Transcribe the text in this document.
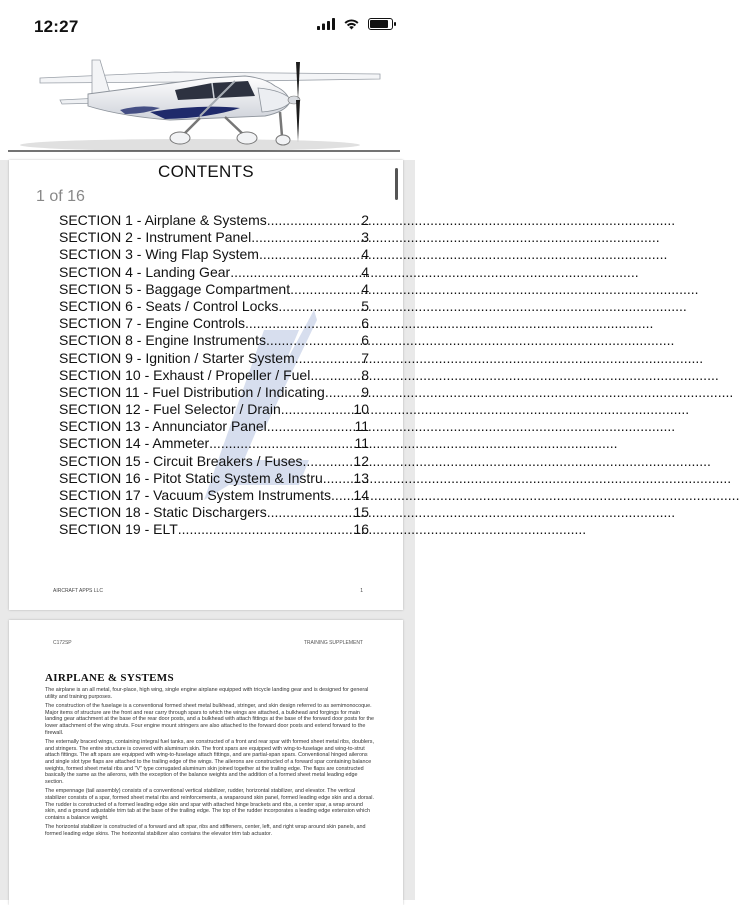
12:27
CONTENTS
1 of 16
SECTION 1 - Airplane & Systems .....	2
SECTION 2 - Instrument Panel .....	3
SECTION 3 - Wing Flap System .....	4
SECTION 4 - Landing Gear .....	4
SECTION 5 - Baggage Compartment .....	4
SECTION 6 - Seats / Control Locks .....	5
SECTION 7 - Engine Controls .....	6
SECTION 8 - Engine Instruments .....	6
SECTION 9 - Ignition / Starter System .....	7
SECTION 10 - Exhaust / Propeller / Fuel .....	8
SECTION 11 - Fuel Distribution / Indicating .....	9
SECTION 12 - Fuel Selector / Drain .....	10
SECTION 13 - Annunciator Panel .....	11
SECTION 14 - Ammeter .....	11
SECTION 15 - Circuit Breakers / Fuses .....	12
SECTION 16 - Pitot Static System & Instru ..... 13
SECTION 17 - Vacuum System Instruments ..... 14
SECTION 18 - Static Dischargers .....	15
SECTION 19 - ELT .....	16
AIRCRAFT APPS LLC	1
C172SP	TRAINING SUPPLEMENT
AIRPLANE & SYSTEMS

The airplane is an all metal, four-place, high wing, single engine airplane equipped with tricycle landing gear and is designed for general utility and training purposes.

The construction of the fuselage is a conventional formed sheet metal bulkhead, stringer, and skin design referred to as semimonocoque. Major items of structure are the front and rear carry through spars to which the wings are attached, a bulkhead and forgings for main landing gear attachment at the base of the rear door posts, and a bulkhead with attach fittings at the base of the forward door posts for the lower attachment of the wing struts. Four engine mount stringers are also attached to the forward door posts and extend forward to the firewall.

The externally braced wings, containing integral fuel tanks, are constructed of a front and rear spar with formed sheet metal ribs, doublers, and stringers. The entire structure is covered with aluminum skin. The front spars are equipped with wing-to-fuselage and wing-to-strut attach fittings. The aft spars are equipped with wing-to-fuselage attach fittings, and are partial-span spars. Conventional hinged ailerons and single slot type flaps are attached to the trailing edge of the wings. The ailerons are constructed of a forward spar containing balance weights, formed sheet metal ribs and "V" type corrugated aluminum skin joined together at the trailing edge. The flaps are constructed basically the same as the ailerons, with the exception of the balance weights and the addition of a formed sheet metal leading edge section.

The empennage (tail assembly) consists of a conventional vertical stabilizer, rudder, horizontal stabilizer, and elevator. The vertical stabilizer consists of a spar, formed sheet metal ribs and reinforcements, a wraparound skin panel, formed leading edge skin and a dorsal. The rudder is constructed of a formed leading edge skin and spar with attached hinge brackets and ribs, a center spar, a wrap around skin, and a ground adjustable trim tab at the base of the trailing edge. The top of the rudder incorporates a leading edge extension which contains a balance weight.

The horizontal stabilizer is constructed of a forward and aft spar, ribs and stiffeners, center, left, and right wrap around skin panels, and formed leading edge skins. The horizontal stabilizer also contains the elevator trim tab actuator.
